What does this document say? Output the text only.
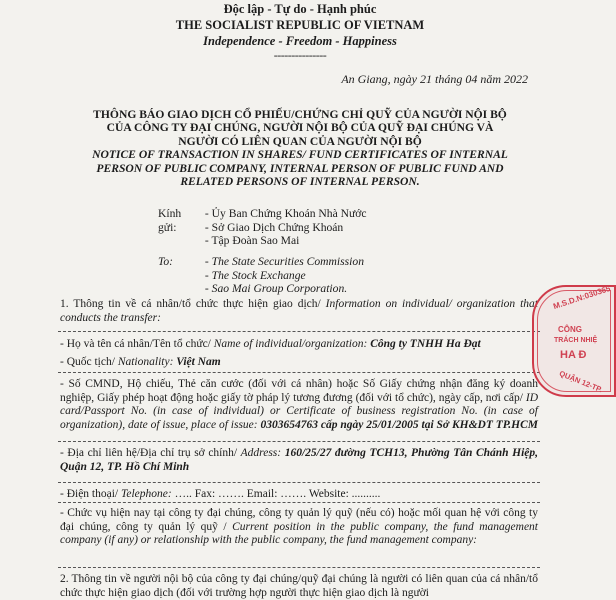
Độc lập - Tự do - Hạnh phúc
THE SOCIALIST REPUBLIC OF VIETNAM
Independence - Freedom - Happiness
---------------
An Giang, ngày 21 tháng 04 năm 2022
THÔNG BÁO GIAO DỊCH CỔ PHIẾU/CHỨNG CHỈ QUỸ CỦA NGƯỜI NỘI BỘ
CỦA CÔNG TY ĐẠI CHÚNG, NGƯỜI NỘI BỘ CỦA QUỸ ĐẠI CHÚNG VÀ
NGƯỜI CÓ LIÊN QUAN CỦA NGƯỜI NỘI BỘ
NOTICE OF TRANSACTION IN SHARES/ FUND CERTIFICATES OF INTERNAL
PERSON OF PUBLIC COMPANY, INTERNAL PERSON OF PUBLIC FUND AND
RELATED PERSONS OF INTERNAL PERSON.
Kính gửi:
- Ủy Ban Chứng Khoán Nhà Nước
- Sở Giao Dịch Chứng Khoán
- Tập Đoàn Sao Mai
To:	- The State Securities Commission
- The Stock Exchange
- Sao Mai Group Corporation.
1. Thông tin về cá nhân/tổ chức thực hiện giao dịch/ Information on individual/ organization that conducts the transfer:
- Họ và tên cá nhân/Tên tổ chức/ Name of individual/organization: Công ty TNHH Ha Đạt
- Quốc tịch/ Nationality: Việt Nam
- Số CMND, Hộ chiếu, Thẻ căn cước (đối với cá nhân) hoặc Số Giấy chứng nhận đăng ký doanh nghiệp, Giấy phép hoạt động hoặc giấy tờ pháp lý tương đương (đối với tổ chức), ngày cấp, nơi cấp/ ID card/Passport No. (in case of individual) or Certificate of business registration No. (in case of organization), date of issue, place of issue: 0303654763 cấp ngày 25/01/2005 tại Sở KH&DT TP.HCM
- Địa chỉ liên hệ/Địa chỉ trụ sở chính/ Address: 160/25/27 đường TCH13, Phường Tân Chánh Hiệp, Quận 12, TP. Hồ Chí Minh
- Điện thoại/ Telephone: ….. Fax: ……. Email: ……. Website: ..........
- Chức vụ hiện nay tại công ty đại chúng, công ty quản lý quỹ (nếu có) hoặc mối quan hệ với công ty đại chúng, công ty quản lý quỹ / Current position in the public company, the fund management company (if any) or relationship with the public company, the fund management company:
2. Thông tin về người nội bộ của công ty đại chúng/quỹ đại chúng là người có liên quan của cá nhân/tổ chức thực hiện giao dịch (đối với trường hợp người thực hiện giao dịch là người
M.S.D.N:030365
CÔNG
TRÁCH NHIỆ
HA Đ
QUẬN 12-TP.
